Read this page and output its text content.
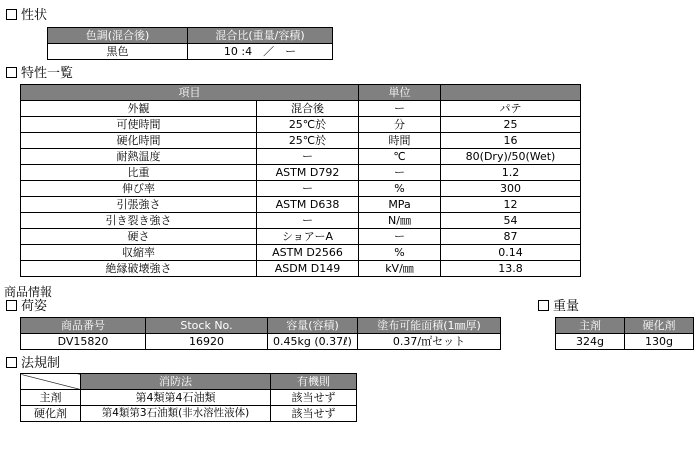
性状
色調(混合後)	混合比(重量/容積)
黒色	10 :4　／　ー
特性一覧
項目		単位	
外観	混合後	ー	パテ
可使時間	25℃於	分	25
硬化時間	25℃於	時間	16
耐熱温度	ー	℃	80(Dry)/50(Wet)
比重	ASTM D792	ー	1.2
伸び率	ー	%	300
引張強さ	ASTM D638	MPa	12
引き裂き強さ	ー	N/㎜	54
硬さ	ショアーA	ー	87
収縮率	ASTM D2566	%	0.14
絶縁破壊強さ	ASDM D149	kV/㎜	13.8
商品情報
荷姿
商品番号	Stock No.	容量(容積)	塗布可能面積(1㎜厚)
DV15820	16920	0.45kg (0.37ℓ)	0.37/㎡セット
重量
主剤	硬化剤
324g	130g
法規制
	消防法	有機則
主剤	第4類第4石油類	該当せず
硬化剤	第4類第3石油類(非水溶性液体)	該当せず
